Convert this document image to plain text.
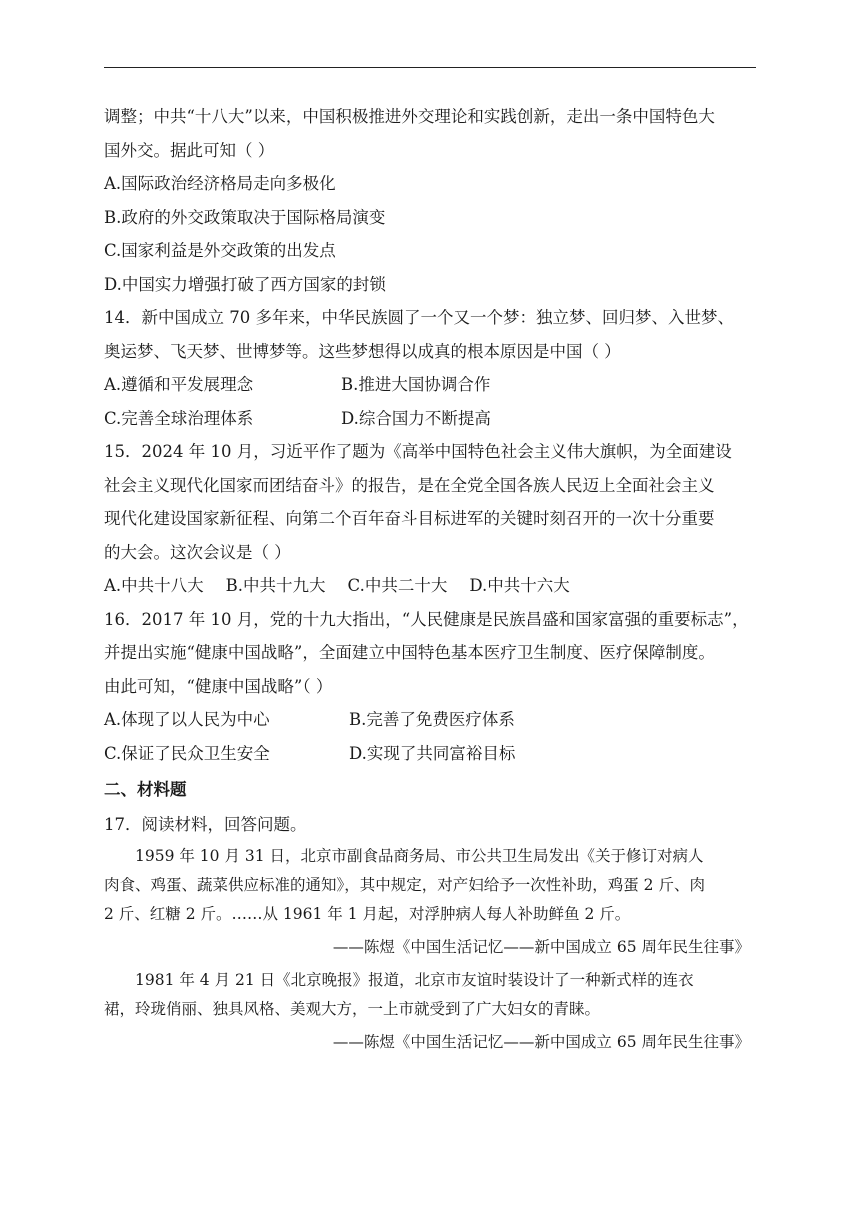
调整；中共“十八大”以来，中国积极推进外交理论和实践创新，走出一条中国特色大
国外交。据此可知（ ）
A.国际政治经济格局走向多极化
B.政府的外交政策取决于国际格局演变
C.国家利益是外交政策的出发点
D.中国实力增强打破了西方国家的封锁
14．新中国成立 70 多年来，中华民族圆了一个又一个梦：独立梦、回归梦、入世梦、
奥运梦、飞天梦、世博梦等。这些梦想得以成真的根本原因是中国（ ）
A.遵循和平发展理念	B.推进大国协调合作
C.完善全球治理体系	D.综合国力不断提高
15．2024 年 10 月，习近平作了题为《高举中国特色社会主义伟大旗帜，为全面建设
社会主义现代化国家而团结奋斗》的报告，是在全党全国各族人民迈上全面社会主义
现代化建设国家新征程、向第二个百年奋斗目标进军的关键时刻召开的一次十分重要
的大会。这次会议是（ ）
A.中共十八大 B.中共十九大 C.中共二十大 D.中共十六大
16．2017 年 10 月，党的十九大指出，“人民健康是民族昌盛和国家富强的重要标志”，
并提出实施“健康中国战略”，全面建立中国特色基本医疗卫生制度、医疗保障制度。
由此可知，“健康中国战略”（ ）
A.体现了以人民为中心	B.完善了免费医疗体系
C.保证了民众卫生安全	D.实现了共同富裕目标
二、材料题
17．阅读材料，回答问题。
1959 年 10 月 31 日，北京市副食品商务局、市公共卫生局发出《关于修订对病人
肉食、鸡蛋、蔬菜供应标准的通知》，其中规定，对产妇给予一次性补助，鸡蛋 2 斤、肉
2 斤、红糖 2 斤。……从 1961 年 1 月起，对浮肿病人每人补助鲜鱼 2 斤。
——陈煜《中国生活记忆——新中国成立 65 周年民生往事》
1981 年 4 月 21 日《北京晚报》报道，北京市友谊时装设计了一种新式样的连衣
裙，玲珑俏丽、独具风格、美观大方，一上市就受到了广大妇女的青睐。
——陈煜《中国生活记忆——新中国成立 65 周年民生往事》
